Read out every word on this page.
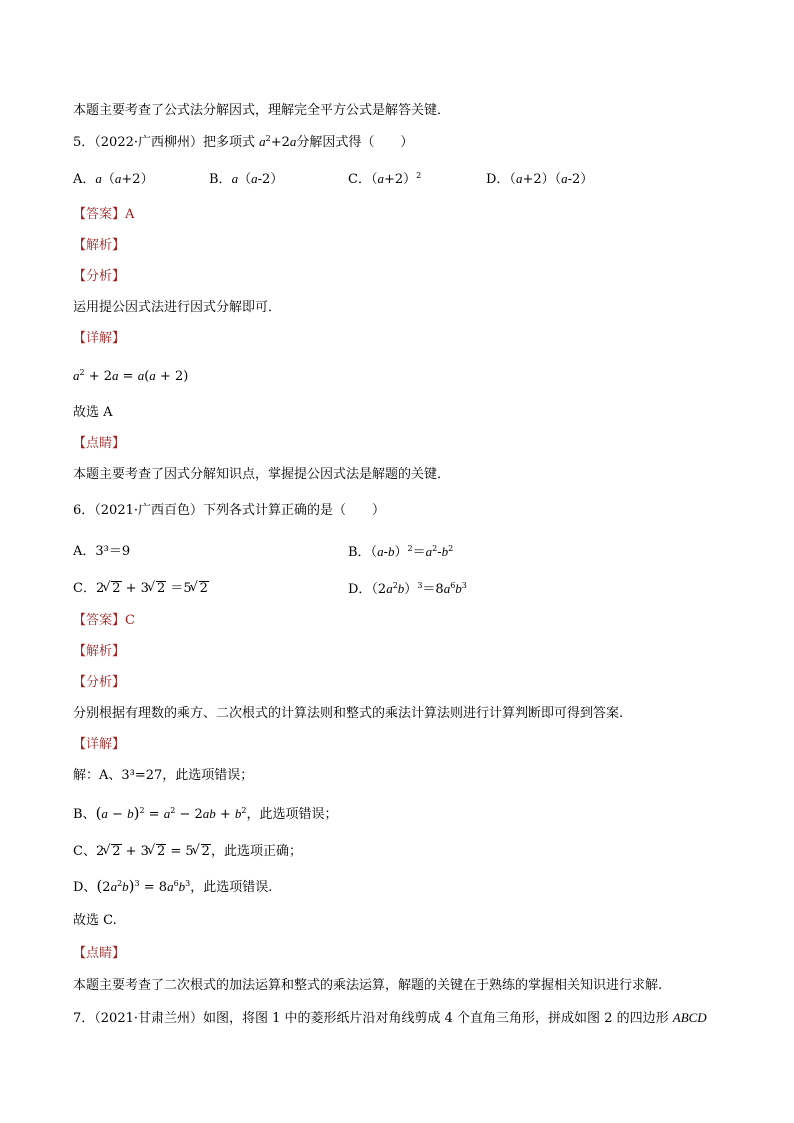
本题主要考查了公式法分解因式，理解完全平方公式是解答关键．
5．（2022·广西柳州）把多项式 $a^2+2a$分解因式得（　　）
A．a（a+2）	B．a（a-2）	C．$(a+2)^2$	D．（a+2）（a-2）
【答案】A
【解析】
【分析】
运用提公因式法进行因式分解即可．
【详解】
$a^2 + 2a = a(a + 2)$
故选 A
【点睛】
本题主要考查了因式分解知识点，掌握提公因式法是解题的关键．
6．（2021·广西百色）下列各式计算正确的是（　　）
A．3³＝9	B．$(a-b)^2=a^2-b^2$
C．2 √ 2 + 3 √ 2 ＝5 √ 2	D．$(2a^2b)^3=8a^6b^3$
【答案】C
【解析】
【分析】
分别根据有理数的乘方、二次根式的计算法则和整式的乘法计算法则进行计算判断即可得到答案.
【详解】
解：A、3³=27，此选项错误；
B、$(a - b)^2 = a^2 - 2ab + b^2$，此选项错误；
C、2 √ 2 + 3 √ 2 = 5 √ 2，此选项正确；
D、$(2a^2b)^3 = 8a^6b^3$，此选项错误.
故选 C.
【点睛】
本题主要考查了二次根式的加法运算和整式的乘法运算，解题的关键在于熟练的掌握相关知识进行求解.
7．（2021·甘肃兰州）如图，将图 1 中的菱形纸片沿对角线剪成 4 个直角三角形，拼成如图 2 的四边形 ABCD
